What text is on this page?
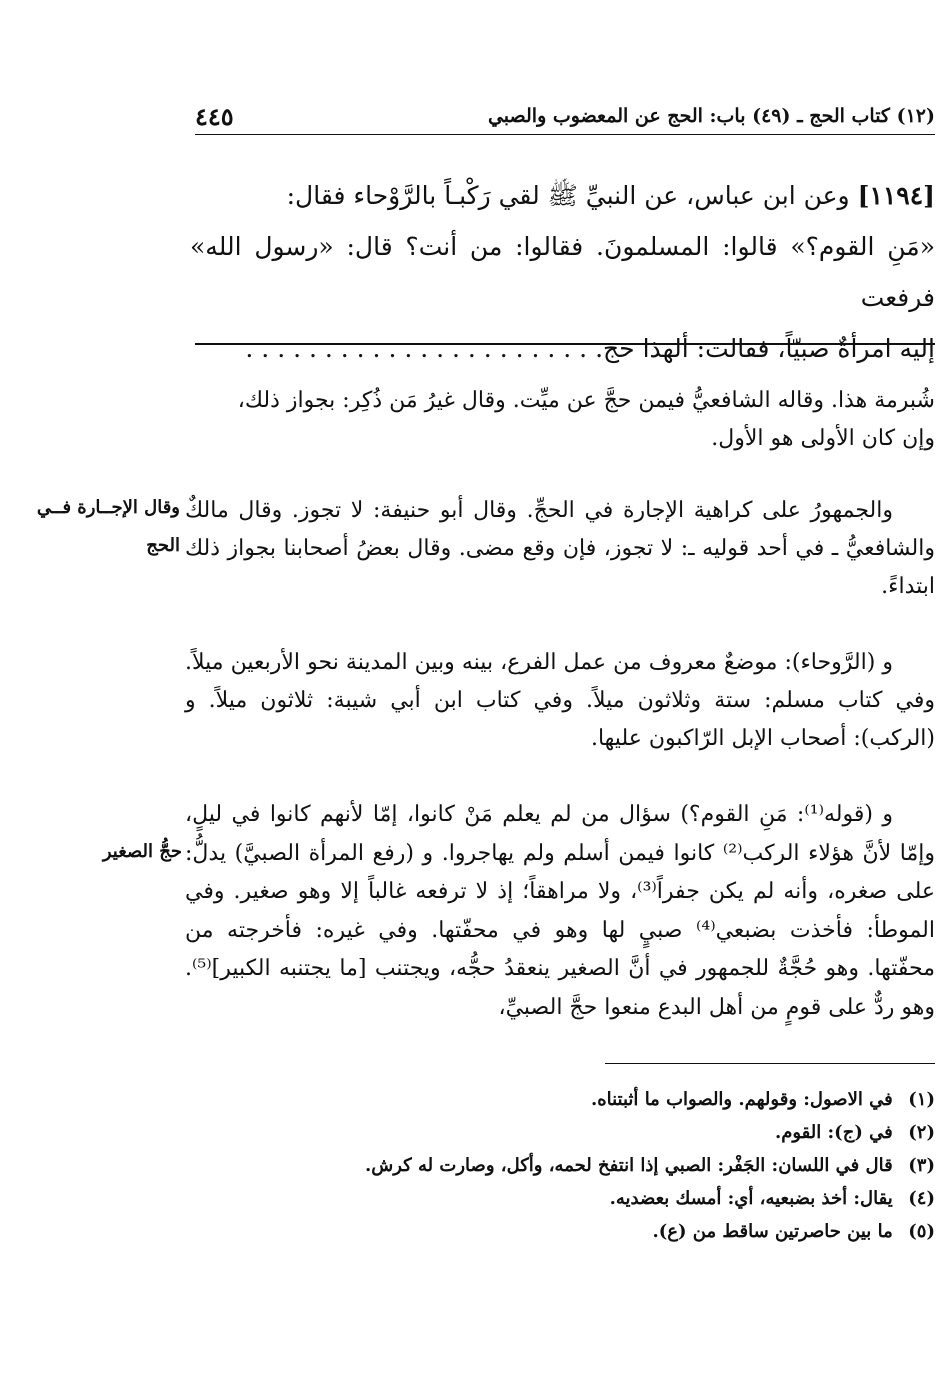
(١٢) كتاب الحج ـ (٤٩) باب: الحج عن المعضوب والصبي
٤٤٥

[١١٩٤] وعن ابن عباس، عن النبيِّ ﷺ لقي رَكْبـاً بالرَّوْحاء فقال:

«مَنِ القوم؟» قالوا: المسلمونَ. فقالوا: من أنت؟ قال: «رسول الله» فرفعت

إليه امرأةٌ صبيّاً، فقالت: ألهذا حج. . . . . . . . . . . . . . . . . . . . . . .

شُبرمة هذا. وقاله الشافعيُّ فيمن حجَّ عن ميِّت. وقال غيرُ مَن ذُكِر: بجواز ذلك،

وإن كان الأولى هو الأول.

والجمهورُ على كراهية الإجارة في الحجِّ. وقال أبو حنيفة: لا تجوز. وقال مالكٌ والشافعيُّ ـ في أحد قوليه ـ: لا تجوز، فإن وقع مضى. وقال بعضُ أصحابنا بجواز ذلك ابتداءً.

و (الرَّوحاء): موضعٌ معروف من عمل الفرع، بينه وبين المدينة نحو الأربعين ميلاً. وفي كتاب مسلم: ستة وثلاثون ميلاً. وفي كتاب ابن أبي شيبة: ثلاثون ميلاً. و (الركب): أصحاب الإبل الرّاكبون عليها.

و (قوله⁽¹⁾: مَنِ القوم؟) سؤال من لم يعلم مَنْ كانوا، إمّا لأنهم كانوا في ليلٍ، وإمّا لأنَّ هؤلاء الركب⁽²⁾ كانوا فيمن أسلم ولم يهاجروا. و (رفع المرأة الصبيَّ) يدلُّ: على صغره، وأنه لم يكن جفراً⁽³⁾، ولا مراهقاً؛ إذ لا ترفعه غالباً إلا وهو صغير. وفي الموطأ: فأخذت بضبعي⁽⁴⁾ صبيٍ لها وهو في محفّتها. وفي غيره: فأخرجته من محفّتها. وهو حُجَّةٌ للجمهور في أنَّ الصغير ينعقدُ حجُّه، ويجتنب [ما يجتنبه الكبير]⁽⁵⁾. وهو ردٌّ على قومٍ من أهل البدع منعوا حجَّ الصبيِّ،

وقال الإجــارة فــي
الحج
حجُّ الصغير
(١) في الاصول: وقولهم. والصواب ما أثبتناه.
(٢) في (ج): القوم.
(٣) قال في اللسان: الجَفْر: الصبي إذا انتفخ لحمه، وأكل، وصارت له كرش.
(٤) يقال: أخذ بضبعيه، أي: أمسك بعضديه.
(٥) ما بين حاصرتين ساقط من (ع).
